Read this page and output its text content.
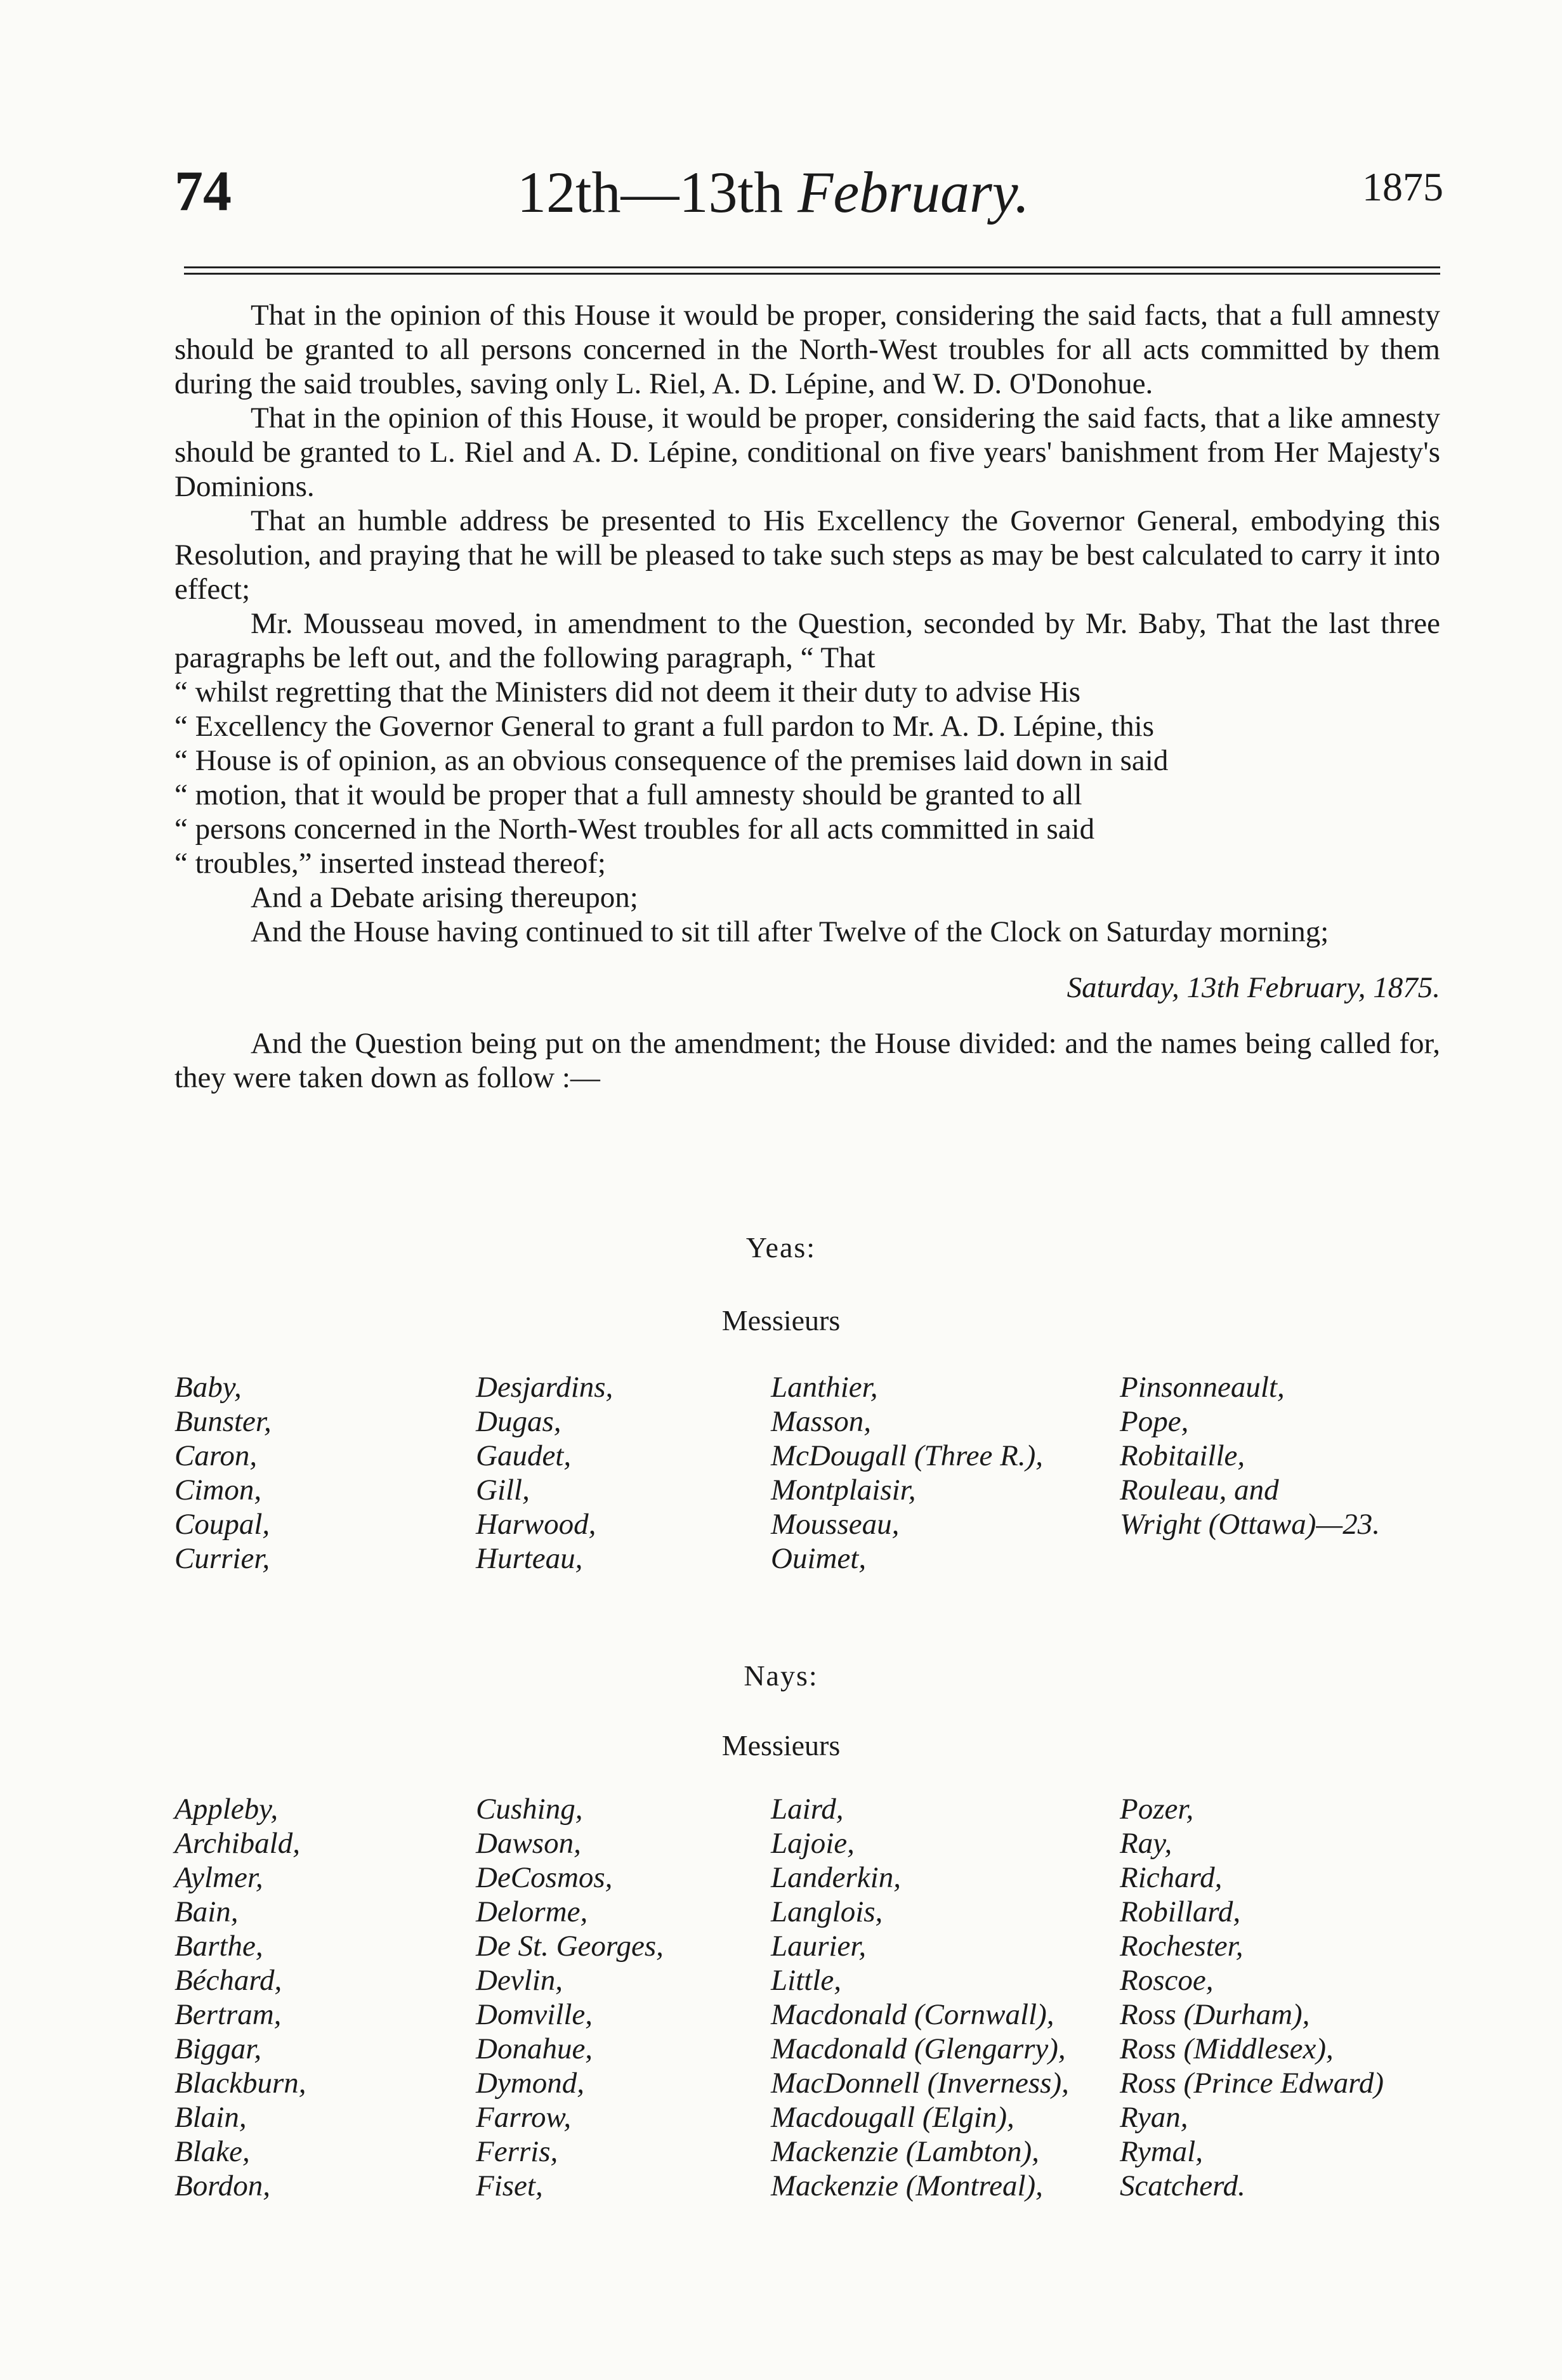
74	12th—13th February.	1875

That in the opinion of this House it would be proper, considering the said facts, that a full amnesty should be granted to all persons concerned in the North-West troubles for all acts committed by them during the said troubles, saving only L. Riel, A. D. Lépine, and W. D. O'Donohue.

That in the opinion of this House, it would be proper, considering the said facts, that a like amnesty should be granted to L. Riel and A. D. Lépine, conditional on five years' banishment from Her Majesty's Dominions.

That an humble address be presented to His Excellency the Governor General, embodying this Resolution, and praying that he will be pleased to take such steps as may be best calculated to carry it into effect;

Mr. Mousseau moved, in amendment to the Question, seconded by Mr. Baby, That the last three paragraphs be left out, and the following paragraph, “ That

“ whilst regretting that the Ministers did not deem it their duty to advise His

“ Excellency the Governor General to grant a full pardon to Mr. A. D. Lépine, this

“ House is of opinion, as an obvious consequence of the premises laid down in said

“ motion, that it would be proper that a full amnesty should be granted to all

“ persons concerned in the North-West troubles for all acts committed in said

“ troubles,” inserted instead thereof;

And a Debate arising thereupon;

And the House having continued to sit till after Twelve of the Clock on Saturday morning;

Saturday, 13th February, 1875.

And the Question being put on the amendment; the House divided: and the names being called for, they were taken down as follow :—

Yeas:
Messieurs
Baby,
Bunster,
Caron,
Cimon,
Coupal,
Currier,
Desjardins,
Dugas,
Gaudet,
Gill,
Harwood,
Hurteau,
Lanthier,
Masson,
McDougall (Three R.),
Montplaisir,
Mousseau,
Ouimet,
Pinsonneault,
Pope,
Robitaille,
Rouleau, and
Wright (Ottawa)—23.
Nays:
Messieurs
Appleby,
Archibald,
Aylmer,
Bain,
Barthe,
Béchard,
Bertram,
Biggar,
Blackburn,
Blain,
Blake,
Bordon,
Cushing,
Dawson,
DeCosmos,
Delorme,
De St. Georges,
Devlin,
Domville,
Donahue,
Dymond,
Farrow,
Ferris,
Fiset,
Laird,
Lajoie,
Landerkin,
Langlois,
Laurier,
Little,
Macdonald (Cornwall),
Macdonald (Glengarry),
MacDonnell (Inverness),
Macdougall (Elgin),
Mackenzie (Lambton),
Mackenzie (Montreal),
Pozer,
Ray,
Richard,
Robillard,
Rochester,
Roscoe,
Ross (Durham),
Ross (Middlesex),
Ross (Prince Edward)
Ryan,
Rymal,
Scatcherd.
